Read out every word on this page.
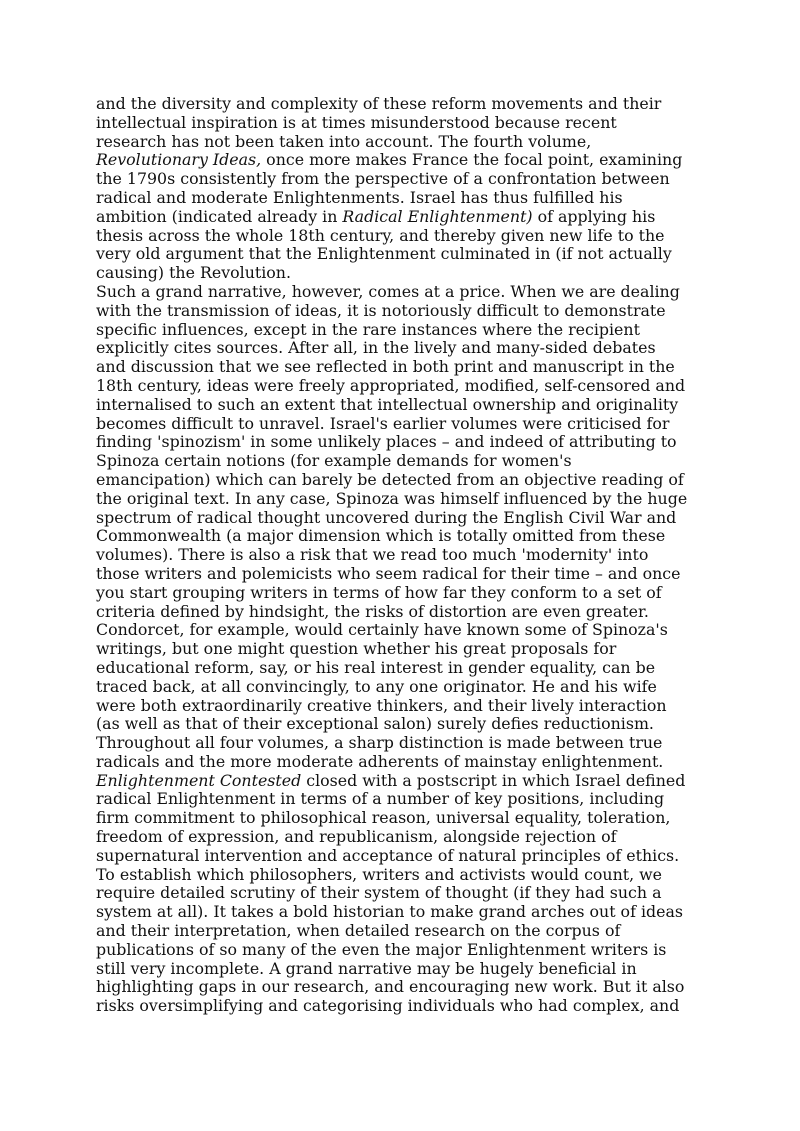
and the diversity and complexity of these reform movements and their
intellectual inspiration is at times misunderstood because recent
research has not been taken into account. The fourth volume,
Revolutionary Ideas, once more makes France the focal point, examining
the 1790s consistently from the perspective of a confrontation between
radical and moderate Enlightenments. Israel has thus fulfilled his
ambition (indicated already in Radical Enlightenment) of applying his
thesis across the whole 18th century, and thereby given new life to the
very old argument that the Enlightenment culminated in (if not actually
causing) the Revolution.
Such a grand narrative, however, comes at a price. When we are dealing
with the transmission of ideas, it is notoriously difficult to demonstrate
specific influences, except in the rare instances where the recipient
explicitly cites sources. After all, in the lively and many-sided debates
and discussion that we see reflected in both print and manuscript in the
18th century, ideas were freely appropriated, modified, self-censored and
internalised to such an extent that intellectual ownership and originality
becomes difficult to unravel. Israel's earlier volumes were criticised for
finding 'spinozism' in some unlikely places – and indeed of attributing to
Spinoza certain notions (for example demands for women's
emancipation) which can barely be detected from an objective reading of
the original text. In any case, Spinoza was himself influenced by the huge
spectrum of radical thought uncovered during the English Civil War and
Commonwealth (a major dimension which is totally omitted from these
volumes). There is also a risk that we read too much 'modernity' into
those writers and polemicists who seem radical for their time – and once
you start grouping writers in terms of how far they conform to a set of
criteria defined by hindsight, the risks of distortion are even greater.
Condorcet, for example, would certainly have known some of Spinoza's
writings, but one might question whether his great proposals for
educational reform, say, or his real interest in gender equality, can be
traced back, at all convincingly, to any one originator. He and his wife
were both extraordinarily creative thinkers, and their lively interaction
(as well as that of their exceptional salon) surely defies reductionism.
Throughout all four volumes, a sharp distinction is made between true
radicals and the more moderate adherents of mainstay enlightenment.
Enlightenment Contested closed with a postscript in which Israel defined
radical Enlightenment in terms of a number of key positions, including
firm commitment to philosophical reason, universal equality, toleration,
freedom of expression, and republicanism, alongside rejection of
supernatural intervention and acceptance of natural principles of ethics.
To establish which philosophers, writers and activists would count, we
require detailed scrutiny of their system of thought (if they had such a
system at all). It takes a bold historian to make grand arches out of ideas
and their interpretation, when detailed research on the corpus of
publications of so many of the even the major Enlightenment writers is
still very incomplete. A grand narrative may be hugely beneficial in
highlighting gaps in our research, and encouraging new work. But it also
risks oversimplifying and categorising individuals who had complex, and
